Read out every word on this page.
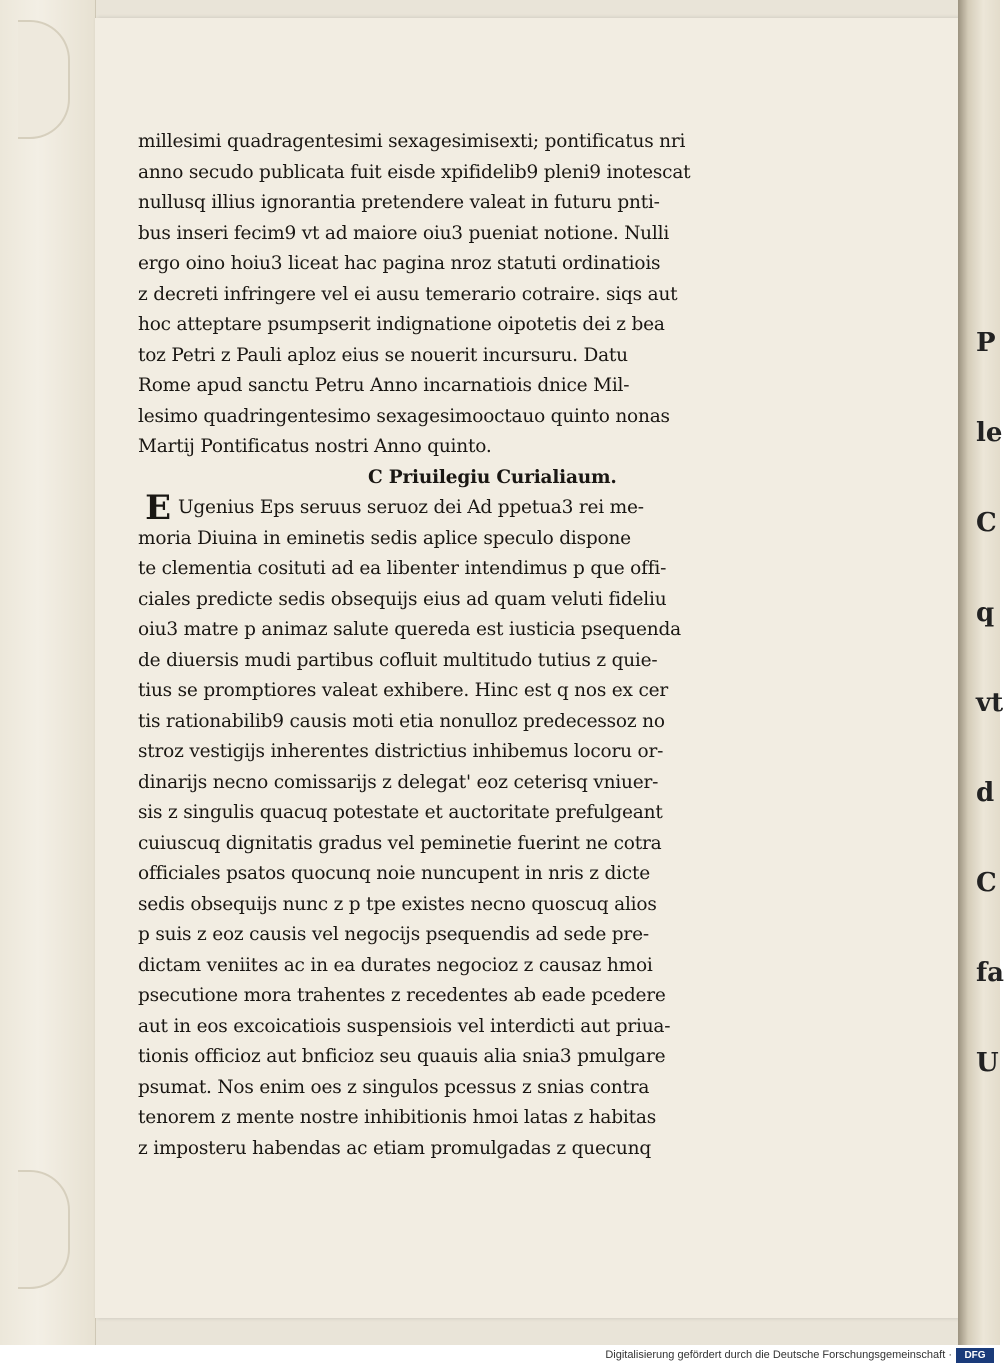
P
le
C
q
vt
d
C
fa
U
millesimi quadragentesimi sexagesimisexti; pontificatus nri
anno secudo publicata fuit eisde xpifidelib9 pleni9 inotescat
nullusq illius ignorantia pretendere valeat in futuru pnti-
bus inseri fecim9 vt ad maiore oiu3 pueniat notione. Nulli
ergo oino hoiu3 liceat hac pagina nroz statuti ordinatiois
z decreti infringere vel ei ausu temerario cotraire. siqs aut
hoc atteptare psumpserit indignatione oipotetis dei z bea
toz Petri z Pauli aploz eius se nouerit incursuru. Datu
Rome apud sanctu Petru Anno incarnatiois dnice Mil-
lesimo quadringentesimo sexagesimooctauo quinto nonas
Martij Pontificatus nostri Anno quinto.
C Priuilegiu Curialiaum.
E Ugenius Eps seruus seruoz dei Ad ppetua3 rei me-
moria Diuina in eminetis sedis aplice speculo dispone
te clementia cosituti ad ea libenter intendimus p que offi-
ciales predicte sedis obsequijs eius ad quam veluti fideliu
oiu3 matre p animaz salute quereda est iusticia psequenda
de diuersis mudi partibus cofluit multitudo tutius z quie-
tius se promptiores valeat exhibere. Hinc est q nos ex cer
tis rationabilib9 causis moti etia nonulloz predecessoz no
stroz vestigijs inherentes districtius inhibemus locoru or-
dinarijs necno comissarijs z delegat' eoz ceterisq vniuer-
sis z singulis quacuq potestate et auctoritate prefulgeant
cuiuscuq dignitatis gradus vel peminetie fuerint ne cotra
officiales psatos quocunq noie nuncupent in nris z dicte
sedis obsequijs nunc z p tpe existes necno quoscuq alios
p suis z eoz causis vel negocijs psequendis ad sede pre-
dictam veniites ac in ea durates negocioz z causaz hmoi
psecutione mora trahentes z recedentes ab eade pcedere
aut in eos excoicatiois suspensiois vel interdicti aut priua-
tionis officioz aut bnficioz seu quauis alia snia3 pmulgare
psumat. Nos enim oes z singulos pcessus z snias contra
tenorem z mente nostre inhibitionis hmoi latas z habitas
z imposteru habendas ac etiam promulgadas z quecunq
Digitalisierung gefördert durch die Deutsche Forschungsgemeinschaft ·	DFG
